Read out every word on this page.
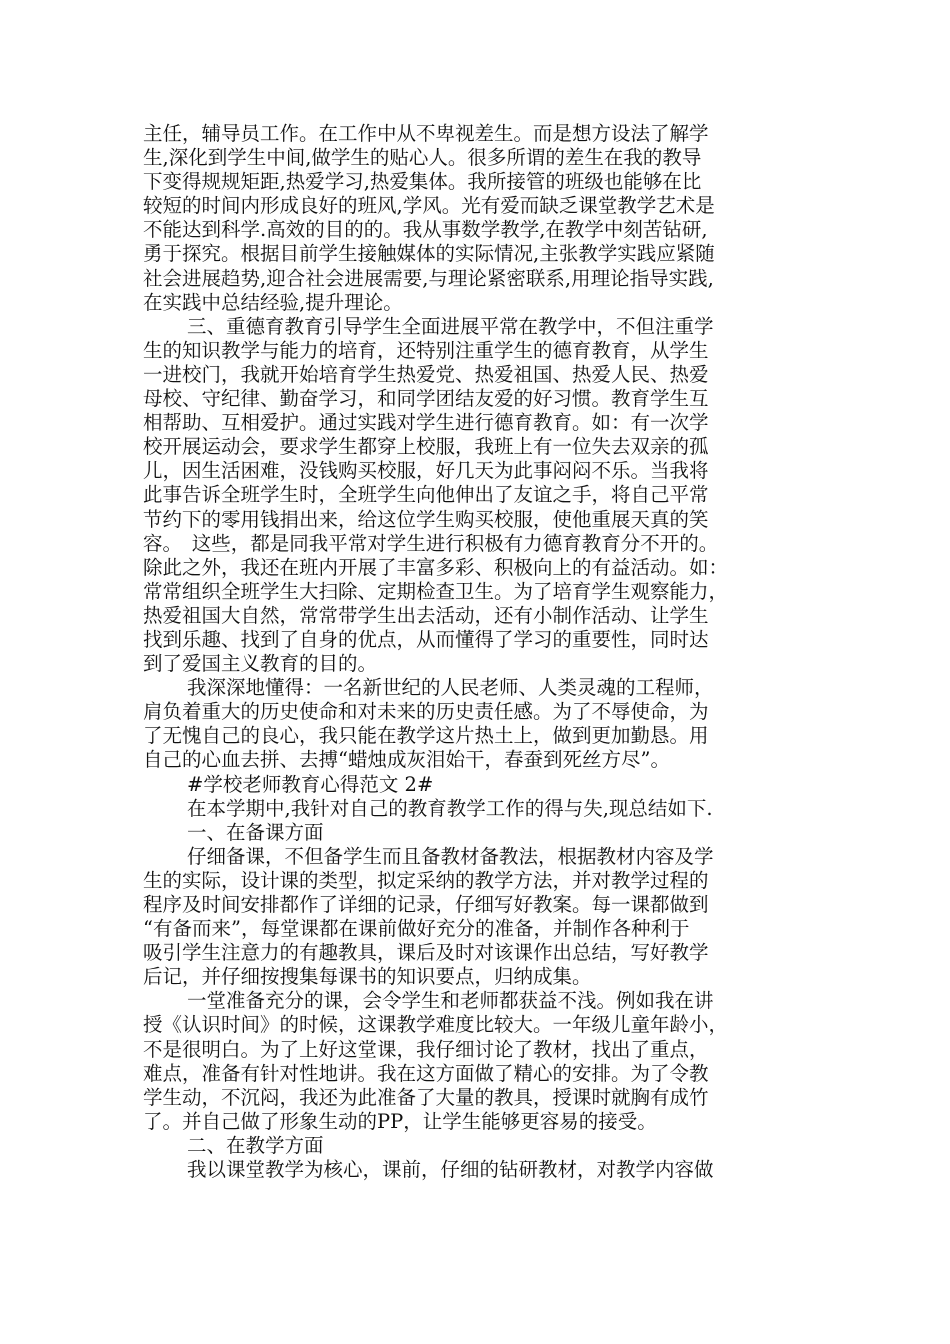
主任，辅导员工作。在工作中从不卑视差生。而是想方设法了解学
生,深化到学生中间,做学生的贴心人。很多所谓的差生在我的教导
下变得规规矩距,热爱学习,热爱集体。我所接管的班级也能够在比
较短的时间内形成良好的班风,学风。光有爱而缺乏课堂教学艺术是
不能达到科学.高效的目的的。我从事数学教学,在教学中刻苦钻研,
勇于探究。根据目前学生接触媒体的实际情况,主张教学实践应紧随
社会进展趋势,迎合社会进展需要,与理论紧密联系,用理论指导实践,
在实践中总结经验,提升理论。
三、重德育教育引导学生全面进展平常在教学中，不但注重学
生的知识教学与能力的培育，还特别注重学生的德育教育，从学生
一进校门，我就开始培育学生热爱党、热爱祖国、热爱人民、热爱
母校、守纪律、勤奋学习，和同学团结友爱的好习惯。教育学生互
相帮助、互相爱护。通过实践对学生进行德育教育。如：有一次学
校开展运动会，要求学生都穿上校服，我班上有一位失去双亲的孤
儿，因生活困难，没钱购买校服，好几天为此事闷闷不乐。当我将
此事告诉全班学生时，全班学生向他伸出了友谊之手，将自己平常
节约下的零用钱捐出来，给这位学生购买校服，使他重展天真的笑
容。　这些，都是同我平常对学生进行积极有力德育教育分不开的。
除此之外，我还在班内开展了丰富多彩、积极向上的有益活动。如：
常常组织全班学生大扫除、定期检查卫生。为了培育学生观察能力，
热爱祖国大自然，常常带学生出去活动，还有小制作活动、让学生
找到乐趣、找到了自身的优点，从而懂得了学习的重要性，同时达
到了爱国主义教育的目的。
我深深地懂得：一名新世纪的人民老师、人类灵魂的工程师，
肩负着重大的历史使命和对未来的历史责任感。为了不辱使命，为
了无愧自己的良心，我只能在教学这片热土上，做到更加勤恳。用
自己的心血去拼、去搏“蜡烛成灰泪始干，春蚕到死丝方尽”。
#学校老师教育心得范文 2#
在本学期中,我针对自己的教育教学工作的得与失,现总结如下.
一、在备课方面
仔细备课，不但备学生而且备教材备教法，根据教材内容及学
生的实际，设计课的类型，拟定采纳的教学方法，并对教学过程的
程序及时间安排都作了详细的记录，仔细写好教案。每一课都做到
“有备而来”，每堂课都在课前做好充分的准备，并制作各种利于
吸引学生注意力的有趣教具，课后及时对该课作出总结，写好教学
后记，并仔细按搜集每课书的知识要点，归纳成集。
一堂准备充分的课，会令学生和老师都获益不浅。例如我在讲
授《认识时间》的时候，这课教学难度比较大。一年级儿童年龄小，
不是很明白。为了上好这堂课，我仔细讨论了教材，找出了重点，
难点，准备有针对性地讲。我在这方面做了精心的安排。为了令教
学生动，不沉闷，我还为此准备了大量的教具，授课时就胸有成竹
了。并自己做了形象生动的PP，让学生能够更容易的接受。
二、在教学方面
我以课堂教学为核心，课前，仔细的钻研教材，对教学内容做
